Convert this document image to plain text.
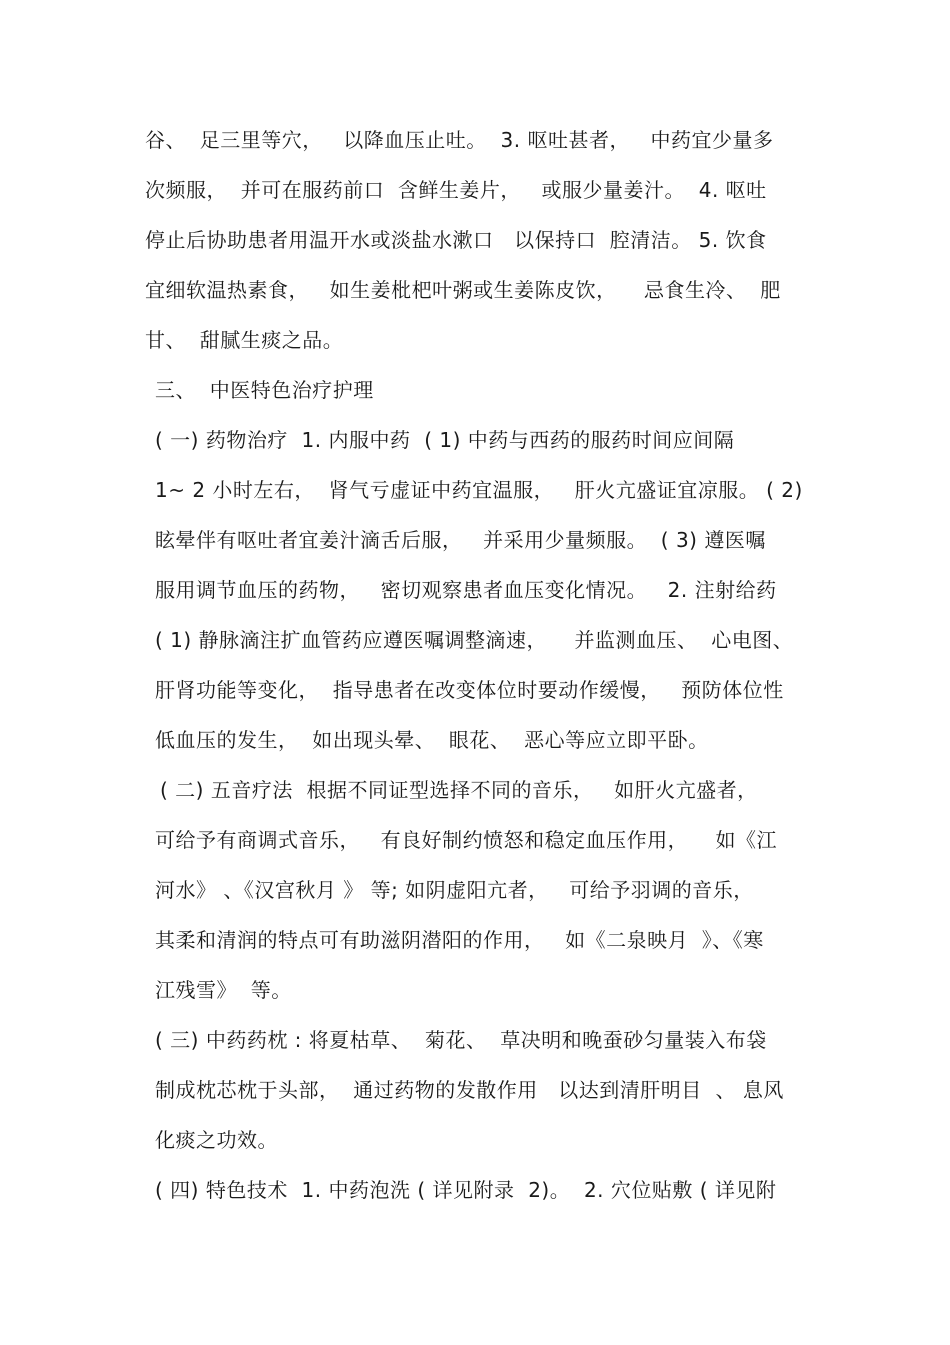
谷、  足三里等穴，   以降血压止吐。  3. 呕吐甚者，   中药宜少量多
次频服，  并可在服药前口  含鲜生姜片，   或服少量姜汁。  4. 呕吐
停止后协助患者用温开水或淡盐水漱口   以保持口  腔清洁。 5. 饮食
宜细软温热素食，   如生姜枇杷叶粥或生姜陈皮饮，    忌食生冷、  肥
甘、  甜腻生痰之品。
三、  中医特色治疗护理
( 一) 药物治疗  1. 内服中药  ( 1) 中药与西药的服药时间应间隔
1~ 2 小时左右，  肾气亏虚证中药宜温服，   肝火亢盛证宜凉服。 ( 2)
眩晕伴有呕吐者宜姜汁滴舌后服，   并采用少量频服。  ( 3) 遵医嘱
服用调节血压的药物，   密切观察患者血压变化情况。   2. 注射给药
( 1) 静脉滴注扩血管药应遵医嘱调整滴速，    并监测血压、  心电图、
肝肾功能等变化，  指导患者在改变体位时要动作缓慢，   预防体位性
低血压的发生，  如出现头晕、  眼花、  恶心等应立即平卧。
( 二) 五音疗法  根据不同证型选择不同的音乐，   如肝火亢盛者，
可给予有商调式音乐，   有良好制约愤怒和稳定血压作用，    如《江
河水》 、《汉宫秋月 》 等; 如阴虚阳亢者，   可给予羽调的音乐，
其柔和清润的特点可有助滋阴潜阳的作用，   如《二泉映月  》、《寒
江残雪》  等。
( 三) 中药药枕 : 将夏枯草、  菊花、  草决明和晚蚕砂匀量装入布袋
制成枕芯枕于头部，  通过药物的发散作用   以达到清肝明目  、 息风
化痰之功效。
( 四) 特色技术  1. 中药泡洗 ( 详见附录  2)。  2. 穴位贴敷 ( 详见附
